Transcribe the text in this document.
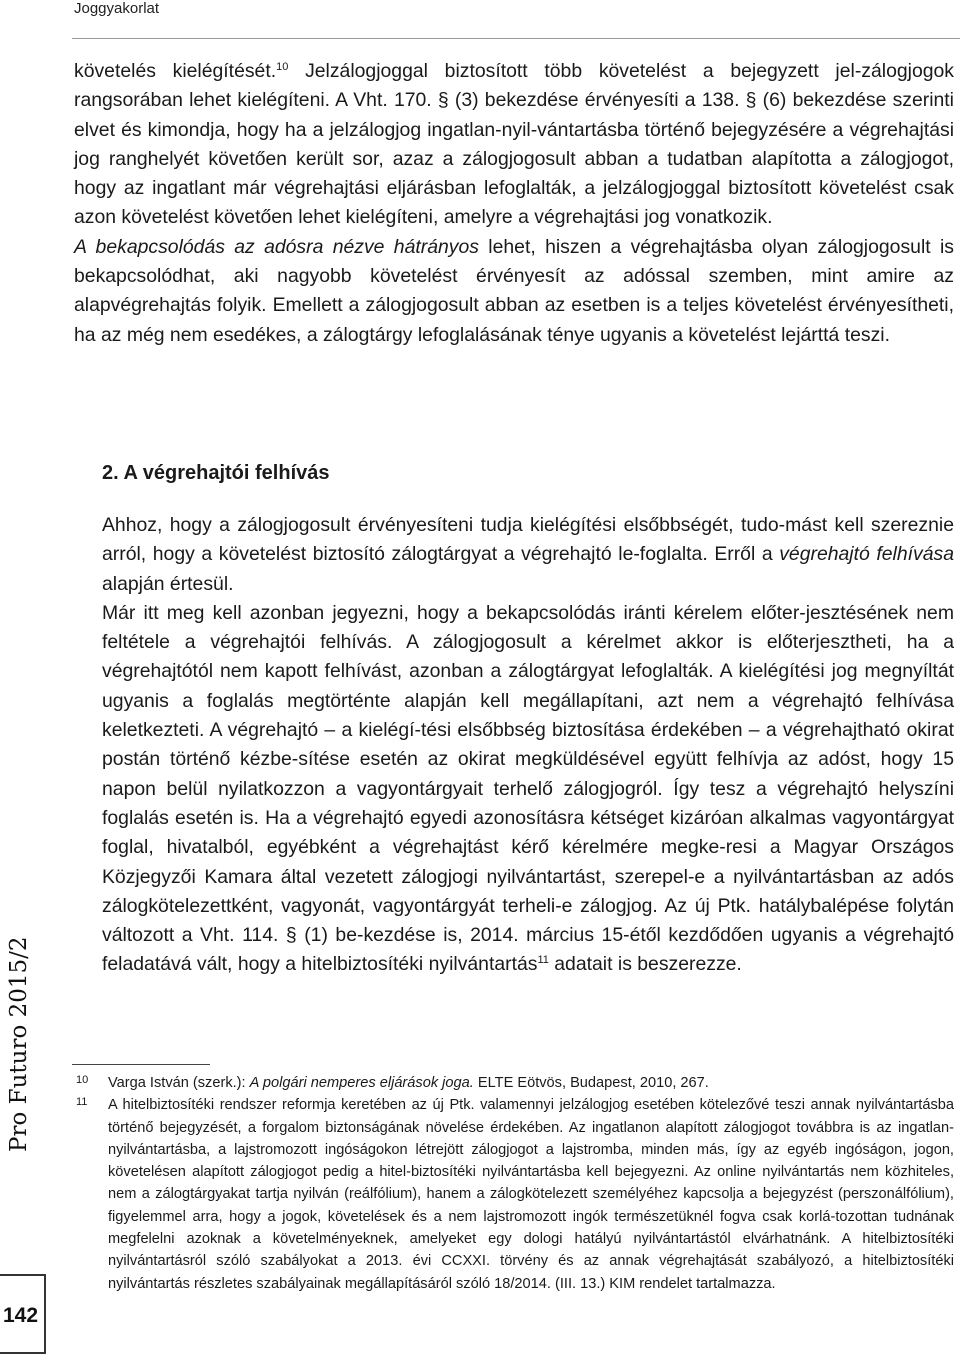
Joggyakorlat

követelés kielégítését.$^{10}$ Jelzálogjoggal biztosított több követelést a bejegyzett jel-zálogjogok rangsorában lehet kielégíteni. A Vht. 170. § (3) bekezdése érvényesíti a 138. § (6) bekezdése szerinti elvet és kimondja, hogy ha a jelzálogjog ingatlan-nyil-vántartásba történő bejegyzésére a végrehajtási jog ranghelyét követően került sor, azaz a zálogjogosult abban a tudatban alapította a zálogjogot, hogy az ingatlant már végrehajtási eljárásban lefoglalták, a jelzálogjoggal biztosított követelést csak azon követelést követően lehet kielégíteni, amelyre a végrehajtási jog vonatkozik.

A bekapcsolódás az adósra nézve hátrányos lehet, hiszen a végrehajtásba olyan zálogjogosult is bekapcsolódhat, aki nagyobb követelést érvényesít az adóssal szemben, mint amire az alapvégrehajtás folyik. Emellett a zálogjogosult abban az esetben is a teljes követelést érvényesítheti, ha az még nem esedékes, a zálogtárgy lefoglalásának ténye ugyanis a követelést lejárttá teszi.

2. A végrehajtói felhívás

Ahhoz, hogy a zálogjogosult érvényesíteni tudja kielégítési elsőbbségét, tudo-mást kell szereznie arról, hogy a követelést biztosító zálogtárgyat a végrehajtó le-foglalta. Erről a végrehajtó felhívása alapján értesül.

Már itt meg kell azonban jegyezni, hogy a bekapcsolódás iránti kérelem előter-jesztésének nem feltétele a végrehajtói felhívás. A zálogjogosult a kérelmet akkor is előterjesztheti, ha a végrehajtótól nem kapott felhívást, azonban a zálogtárgyat lefoglalták. A kielégítési jog megnyíltát ugyanis a foglalás megtörténte alapján kell megállapítani, azt nem a végrehajtó felhívása keletkezteti. A végrehajtó – a kielégí-tési elsőbbség biztosítása érdekében – a végrehajtható okirat postán történő kézbe-sítése esetén az okirat megküldésével együtt felhívja az adóst, hogy 15 napon belül nyilatkozzon a vagyontárgyait terhelő zálogjogról. Így tesz a végrehajtó helyszíni foglalás esetén is. Ha a végrehajtó egyedi azonosításra kétséget kizáróan alkalmas vagyontárgyat foglal, hivatalból, egyébként a végrehajtást kérő kérelmére megke-resi a Magyar Országos Közjegyzői Kamara által vezetett zálogjogi nyilvántartást, szerepel-e a nyilvántartásban az adós zálogkötelezettként, vagyonát, vagyontárgyát terheli-e zálogjog. Az új Ptk. hatálybalépése folytán változott a Vht. 114. § (1) be-kezdése is, 2014. március 15-étől kezdődően ugyanis a végrehajtó feladatává vált, hogy a hitelbiztosítéki nyilvántartás$^{11}$ adatait is beszerezze.

10 Varga István (szerk.): A polgári nemperes eljárások joga. ELTE Eötvös, Budapest, 2010, 267.
11 A hitelbiztosítéki rendszer reformja keretében az új Ptk. valamennyi jelzálogjog esetében kötelezővé teszi annak nyilvántartásba történő bejegyzését, a forgalom biztonságának növelése érdekében. Az ingatlanon alapított zálogjogot továbbra is az ingatlan-nyilvántartásba, a lajstromozott ingóságokon létrejött zálogjogot a lajstromba, minden más, így az egyéb ingóságon, jogon, követelésen alapított zálogjogot pedig a hitel-biztosítéki nyilvántartásba kell bejegyezni. Az online nyilvántartás nem közhiteles, nem a zálogtárgyakat tartja nyilván (reálfólium), hanem a zálogkötelezett személyéhez kapcsolja a bejegyzést (perszonálfólium), figyelemmel arra, hogy a jogok, követelések és a nem lajstromozott ingók természetüknél fogva csak korlá-tozottan tudnának megfelelni azoknak a követelményeknek, amelyeket egy dologi hatályú nyilvántartástól elvárhatnánk. A hitelbiztosítéki nyilvántartásról szóló szabályokat a 2013. évi CCXXI. törvény és az annak végrehajtását szabályozó, a hitelbiztosítéki nyilvántartás részletes szabályainak megállapításáról szóló 18/2014. (III. 13.) KIM rendelet tartalmazza.
Pro Futuro 2015/2
142
